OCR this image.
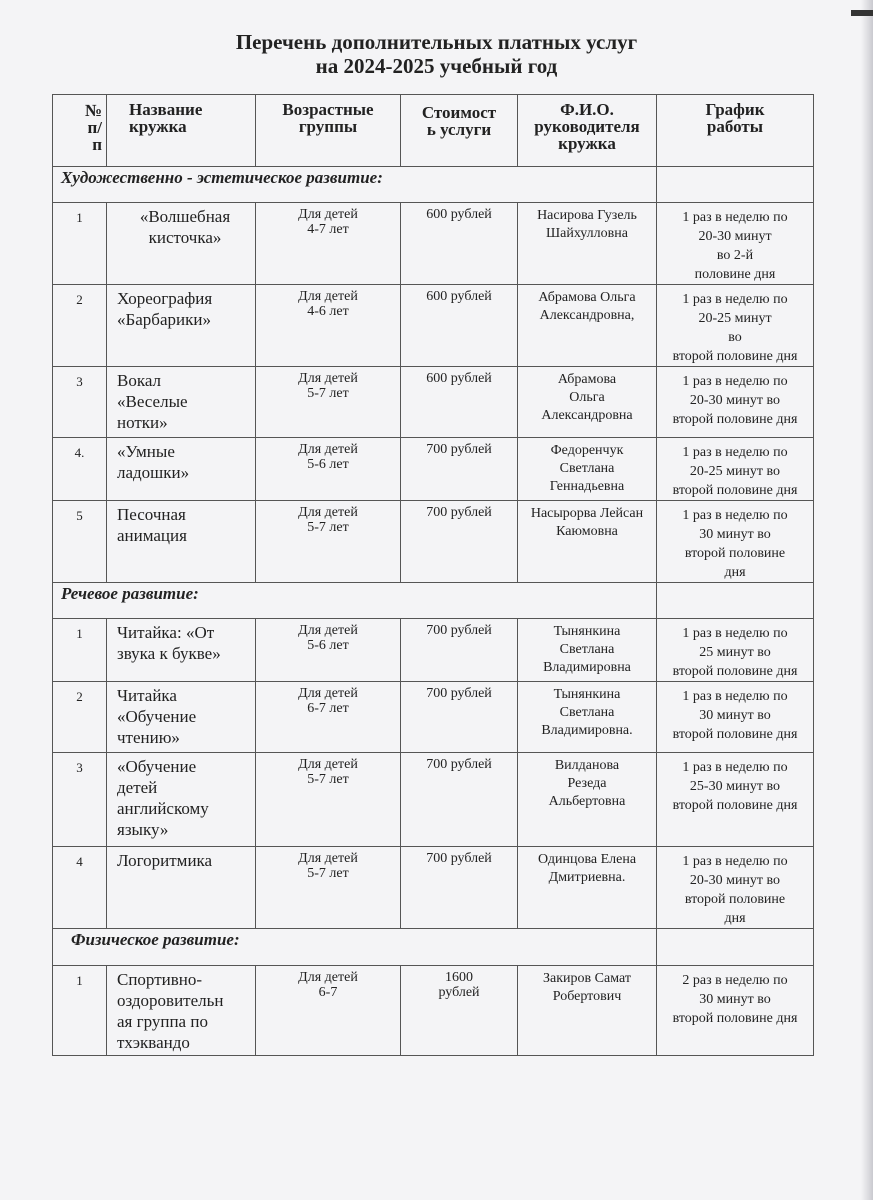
Перечень дополнительных платных услуг
на 2024-2025 учебный год
№
п/
п	Название
кружка	Возрастные
группы	Стоимост
ь услуги	Ф.И.О.
руководителя
кружка	График
работы

Художественно - эстетическое развитие:					
1	«Волшебная
кисточка»	Для детей
4-7 лет	600 рублей	Насирова Гузель
Шайхулловна	1 раз в неделю по
20-30 минут
во 2-й
половине дня

2	Хореография
«Барбарики»	Для детей
4-6 лет	600 рублей	Абрамова Ольга
Александровна,	1 раз в неделю по
20-25 минут
во
второй половине дня

3	Вокал
«Веселые
нотки»	Для детей
5-7 лет	600 рублей	Абрамова
Ольга
Александровна	1 раз в неделю по
20-30 минут во
второй половине дня

4.	«Умные
ладошки»	Для детей
5-6 лет	700 рублей	Федоренчук
Светлана
Геннадьевна	1 раз в неделю по
20-25 минут во
второй половине дня

5	Песочная
анимация	Для детей
5-7 лет	700 рублей	Насырорва Лейсан
Каюмовна	1 раз в неделю по
30 минут во
второй половине
дня

Речевое развитие:					
1	Читайка: «От
звука к букве»	Для детей
5-6 лет	700 рублей	Тынянкина
Светлана
Владимировна	1 раз в неделю по
25 минут во
второй половине дня

2	Читайка
«Обучение
чтению»	Для детей
6-7 лет	700 рублей	Тынянкина
Светлана
Владимировна.	1 раз в неделю по
30 минут во
второй половине дня

3	«Обучение
детей
английскому
языку»	Для детей
5-7 лет	700 рублей	Вилданова
Резеда
Альбертовна	1 раз в неделю по
25-30 минут во
второй половине дня

4	Логоритмика	Для детей
5-7 лет	700 рублей	Одинцова Елена
Дмитриевна.	1 раз в неделю по
20-30 минут во
второй половине
дня

Физическое развитие:					
1	Спортивно-
оздоровительн
ая группа по
тхэквандо	Для детей
6-7	1600
рублей	Закиров Самат
Робертович	2 раз в неделю по
30 минут во
второй половине дня
